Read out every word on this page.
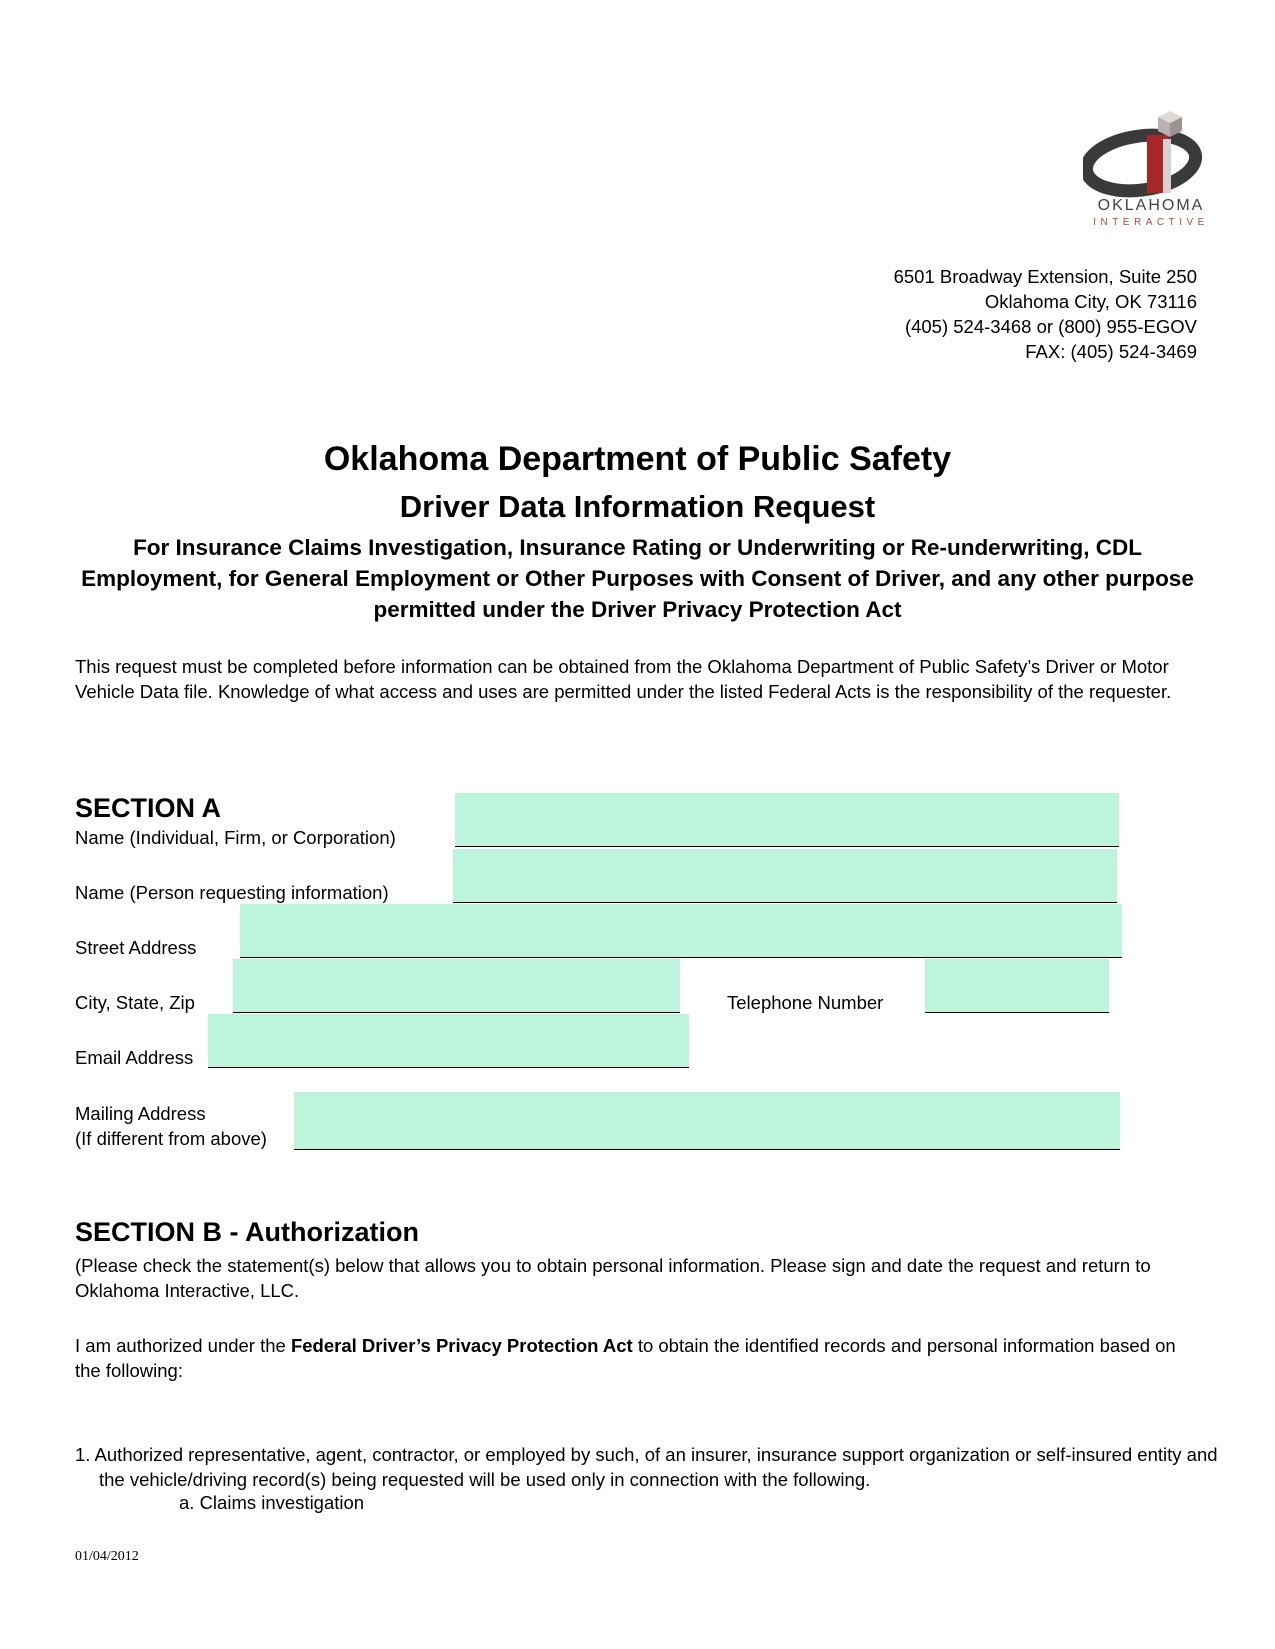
OKLAHOMA
INTERACTIVE
6501 Broadway Extension, Suite 250
Oklahoma City, OK 73116
(405) 524-3468 or (800) 955-EGOV
FAX: (405) 524-3469
Oklahoma Department of Public Safety
Driver Data Information Request
For Insurance Claims Investigation, Insurance Rating or Underwriting or Re-underwriting, CDL Employment, for General Employment or Other Purposes with Consent of Driver, and any other purpose permitted under the Driver Privacy Protection Act
This request must be completed before information can be obtained from the Oklahoma Department of Public Safety’s Driver or Motor Vehicle Data file. Knowledge of what access and uses are permitted under the listed Federal Acts is the responsibility of the requester.
SECTION A
Name (Individual, Firm, or Corporation)
Name (Person requesting information)
Street Address
City, State, Zip	Telephone Number
Email Address
Mailing Address
(If different from above)
SECTION B - Authorization
(Please check the statement(s) below that allows you to obtain personal information. Please sign and date the request and return to Oklahoma Interactive, LLC.
I am authorized under the Federal Driver’s Privacy Protection Act to obtain the identified records and personal information based on the following:
1. Authorized representative, agent, contractor, or employed by such, of an insurer, insurance support organization or self-insured entity and the vehicle/driving record(s) being requested will be used only in connection with the following.
a. Claims investigation
01/04/2012
